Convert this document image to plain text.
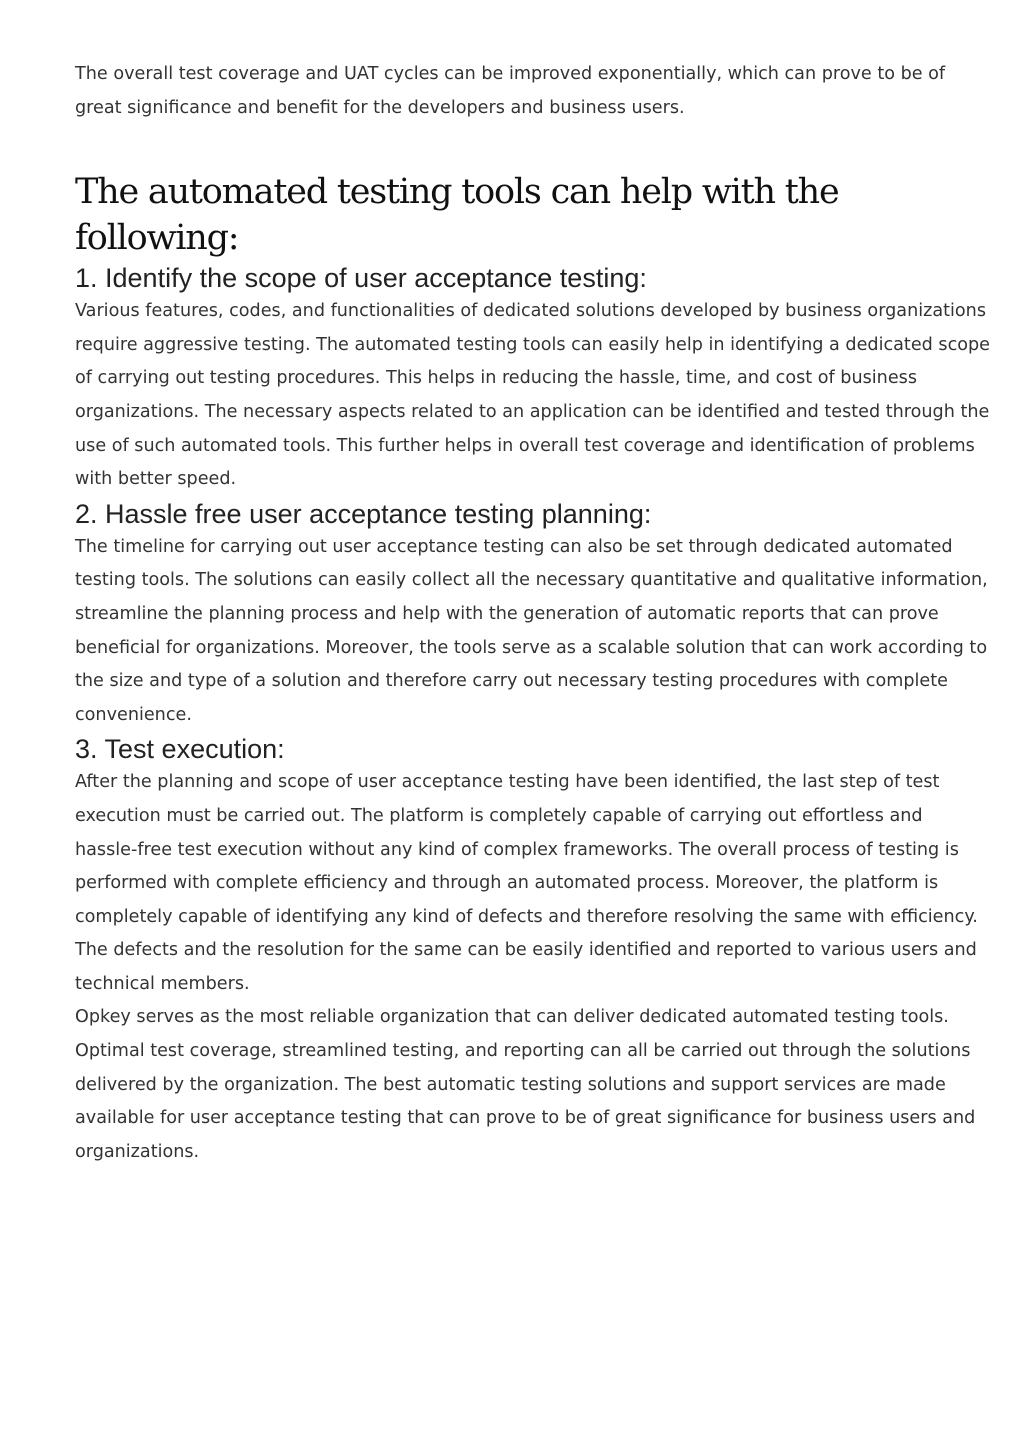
The overall test coverage and UAT cycles can be improved exponentially, which can prove to be of great significance and benefit for the developers and business users.

The automated testing tools can help with the following:
1. Identify the scope of user acceptance testing:

Various features, codes, and functionalities of dedicated solutions developed by business organizations require aggressive testing. The automated testing tools can easily help in identifying a dedicated scope of carrying out testing procedures. This helps in reducing the hassle, time, and cost of business organizations. The necessary aspects related to an application can be identified and tested through the use of such automated tools. This further helps in overall test coverage and identification of problems with better speed.

2. Hassle free user acceptance testing planning:

The timeline for carrying out user acceptance testing can also be set through dedicated automated testing tools. The solutions can easily collect all the necessary quantitative and qualitative information, streamline the planning process and help with the generation of automatic reports that can prove beneficial for organizations. Moreover, the tools serve as a scalable solution that can work according to the size and type of a solution and therefore carry out necessary testing procedures with complete convenience.

3. Test execution:

After the planning and scope of user acceptance testing have been identified, the last step of test execution must be carried out. The platform is completely capable of carrying out effortless and hassle-free test execution without any kind of complex frameworks. The overall process of testing is performed with complete efficiency and through an automated process. Moreover, the platform is completely capable of identifying any kind of defects and therefore resolving the same with efficiency. The defects and the resolution for the same can be easily identified and reported to various users and technical members.

Opkey serves as the most reliable organization that can deliver dedicated automated testing tools. Optimal test coverage, streamlined testing, and reporting can all be carried out through the solutions delivered by the organization. The best automatic testing solutions and support services are made available for user acceptance testing that can prove to be of great significance for business users and organizations.
